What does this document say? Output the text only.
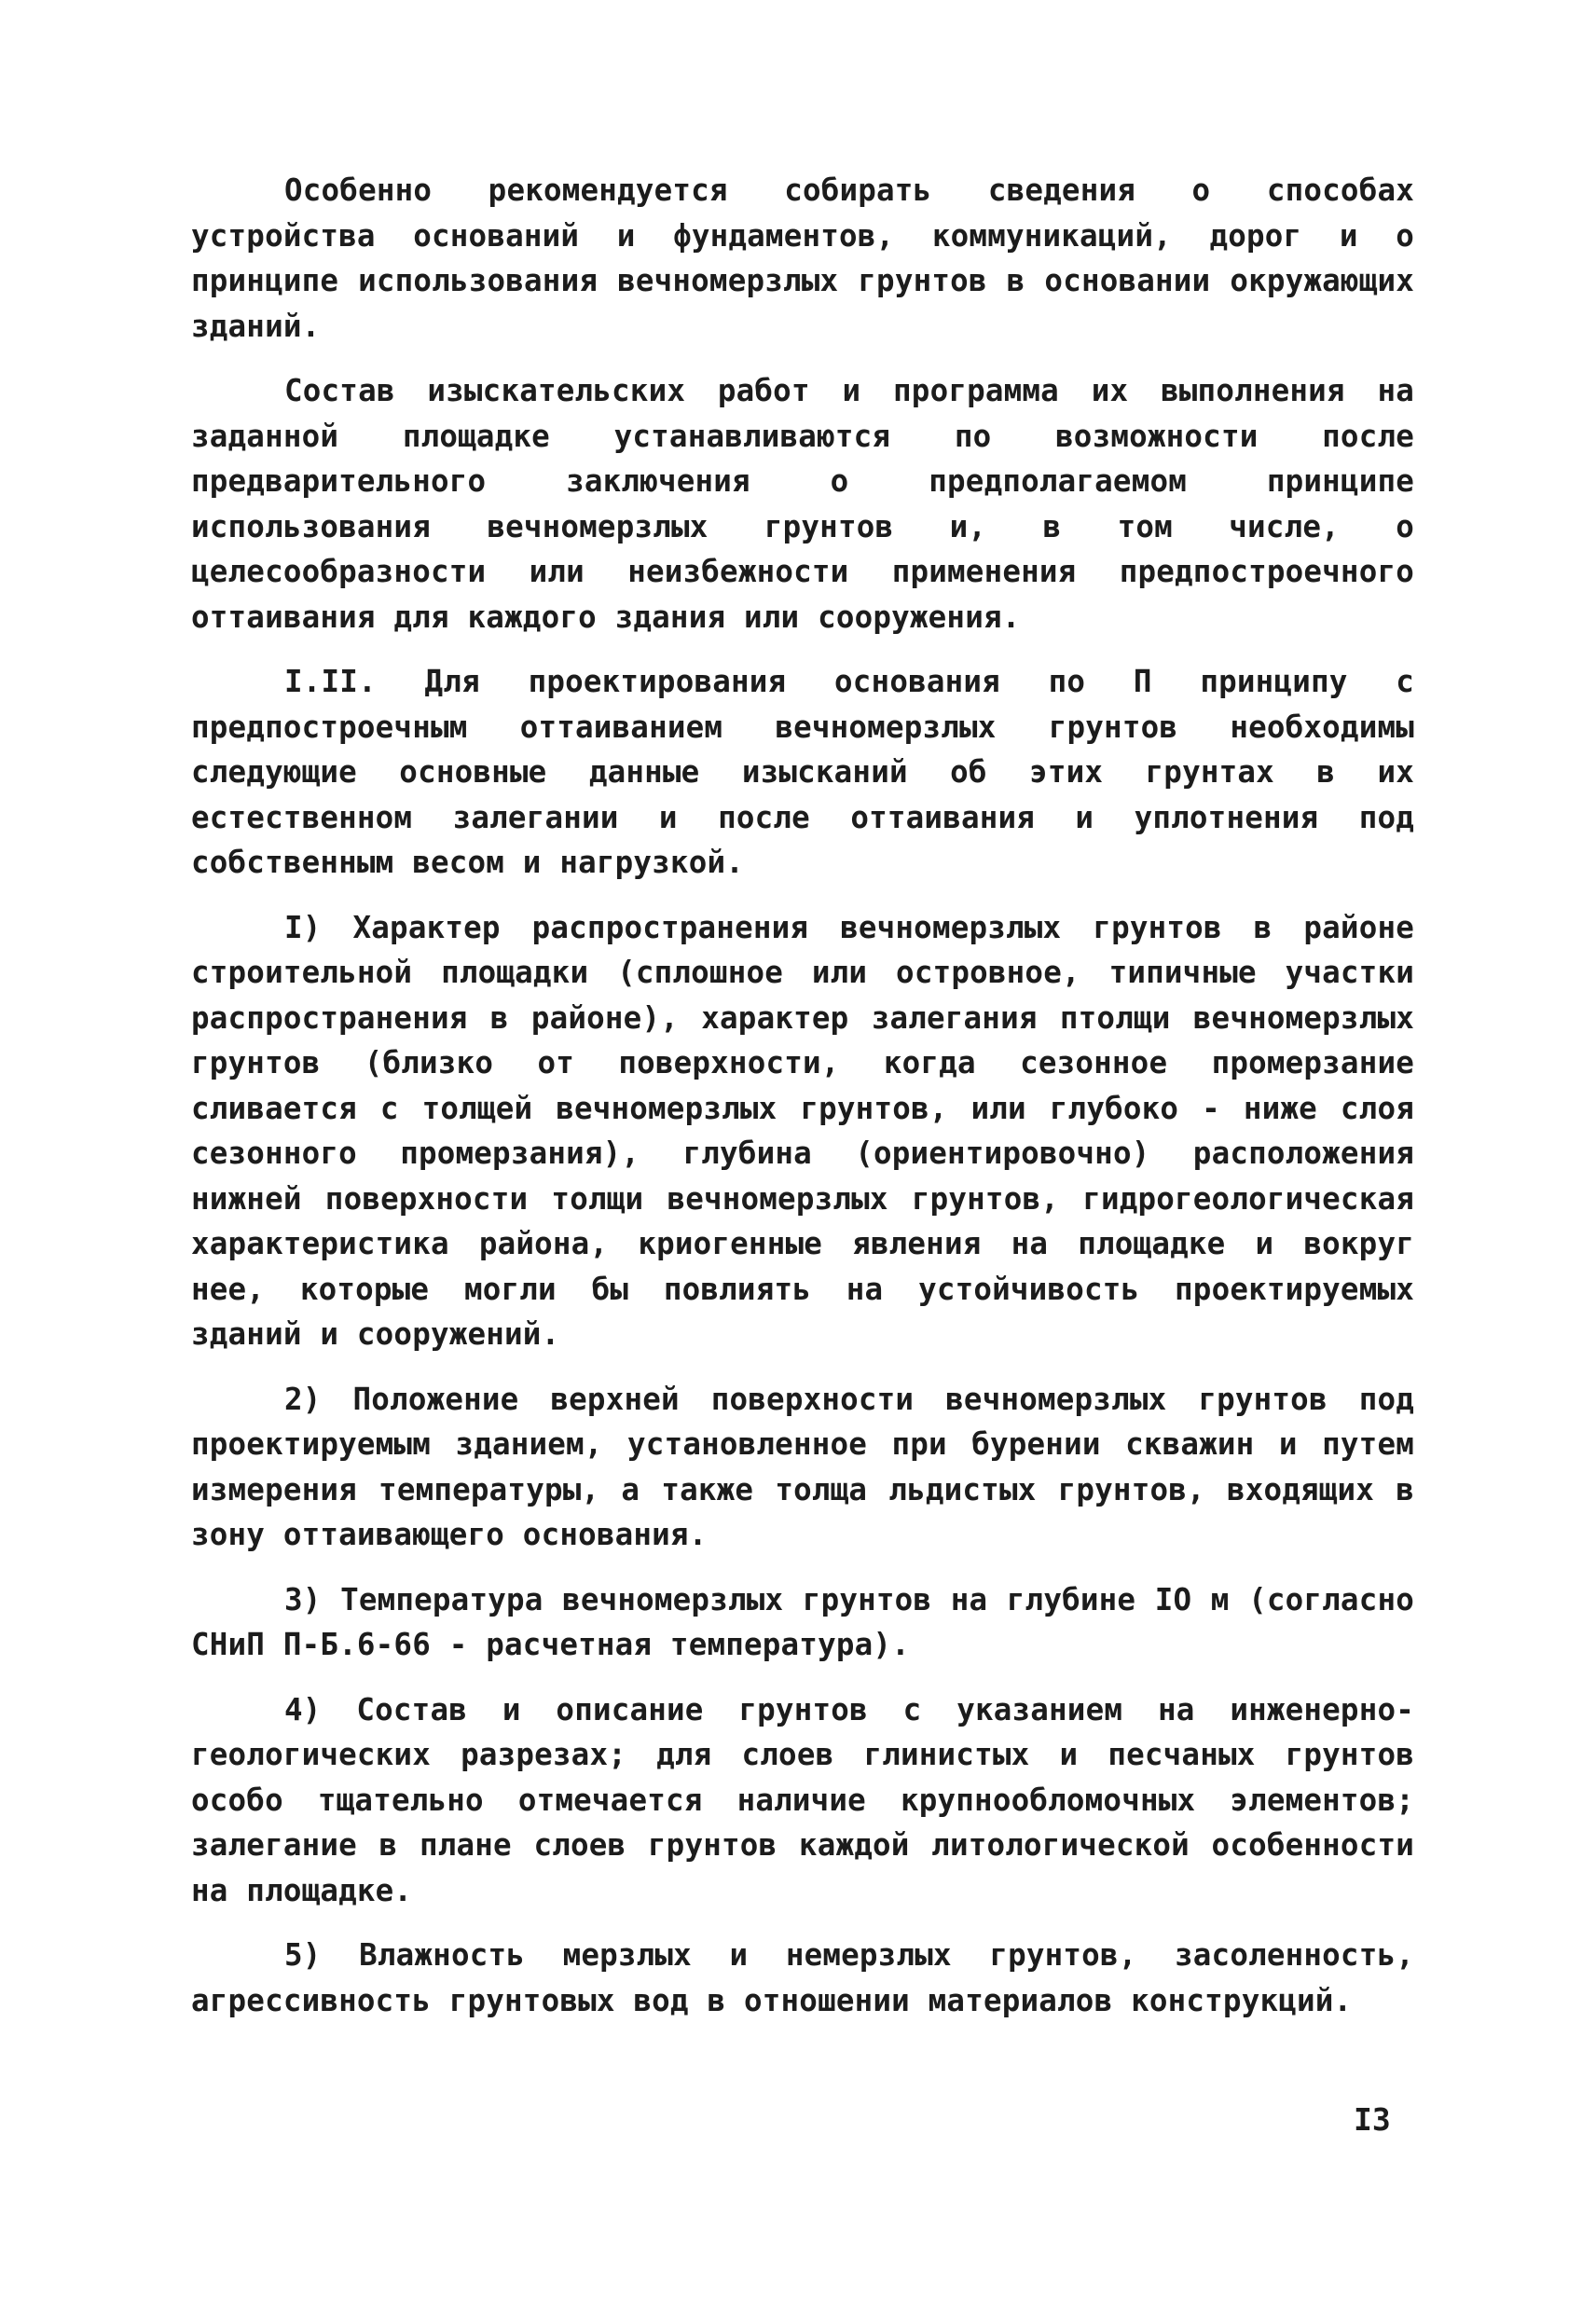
Особенно рекомендуется собирать сведения о способах устройства оснований и фундаментов, коммуникаций, дорог и о принципе использования вечномерзлых грунтов в основании окружающих зданий.

Состав изыскательских работ и программа их выполнения на заданной площадке устанавливаются по возможности после предварительного заключения о предполагаемом принципе использования вечномерзлых грунтов и, в том числе, о целесообразности или неизбежности применения предпостроечного оттаивания для каждого здания или сооружения.

I.II. Для проектирования основания по П принципу с предпостроечным оттаиванием вечномерзлых грунтов необходимы следующие основные данные изысканий об этих грунтах в их естественном залегании и после оттаивания и уплотнения под собственным весом и нагрузкой.

I) Характер распространения вечномерзлых грунтов в районе строительной площадки (сплошное или островное, типичные участки распространения в районе), характер залегания птолщи вечномерзлых грунтов (близко от поверхности, когда сезонное промерзание сливается с толщей вечномерзлых грунтов, или глубоко - ниже слоя сезонного промерзания), глубина (ориентировочно) расположения нижней поверхности толщи вечномерзлых грунтов, гидрогеологическая характеристика района, криогенные явления на площадке и вокруг нее, которые могли бы повлиять на устойчивость проектируемых зданий и сооружений.

2) Положение верхней поверхности вечномерзлых грунтов под проектируемым зданием, установленное при бурении скважин и путем измерения температуры, а также толща льдистых грунтов, входящих в зону оттаивающего основания.

3) Температура вечномерзлых грунтов на глубине IO м (согласно СНиП П-Б.6-66 - расчетная температура).

4) Состав и описание грунтов с указанием на инженерно-геологических разрезах; для слоев глинистых и песчаных грунтов особо тщательно отмечается наличие крупнообломочных элементов; залегание в плане слоев грунтов каждой литологической особенности на площадке.

5) Влажность мерзлых и немерзлых грунтов, засоленность, агрессивность грунтовых вод в отношении материалов конструкций.

I3
